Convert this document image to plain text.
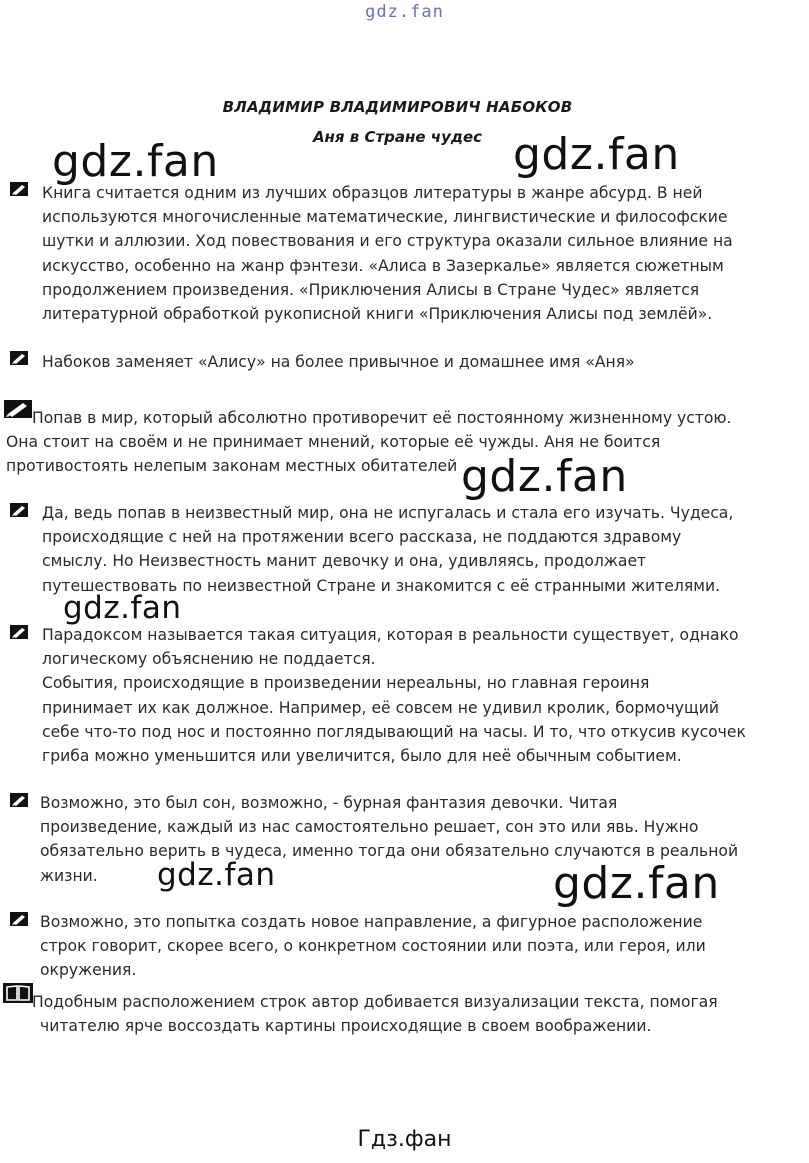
gdz.fan
ВЛАДИМИР ВЛАДИМИРОВИЧ НАБОКОВ
Аня в Стране чудес
Книга считается одним из лучших образцов литературы в жанре абсурд. В ней
используются многочисленные математические, лингвистические и философские
шутки и аллюзии. Ход повествования и его структура оказали сильное влияние на
искусство, особенно на жанр фэнтези. «Алиса в Зазеркалье» является сюжетным
продолжением произведения. «Приключения Алисы в Стране Чудес» является
литературной обработкой рукописной книги «Приключения Алисы под землёй».
Набоков заменяет «Алису» на более привычное и домашнее имя «Аня»
Попав в мир, который абсолютно противоречит её постоянному жизненному устою.
Она стоит на своём и не принимает мнений, которые её чужды. Аня не боится
противостоять нелепым законам местных обитателей
Да, ведь попав в неизвестный мир, она не испугалась и стала его изучать. Чудеса,
происходящие с ней на протяжении всего рассказа, не поддаются здравому
смыслу. Но Неизвестность манит девочку и она, удивляясь, продолжает
путешествовать по неизвестной Стране и знакомится с её странными жителями.
Парадоксом называется такая ситуация, которая в реальности существует, однако
логическому объяснению не поддается.
События, происходящие в произведении нереальны, но главная героиня
принимает их как должное. Например, её совсем не удивил кролик, бормочущий
себе что-то под нос и постоянно поглядывающий на часы. И то, что откусив кусочек
гриба можно уменьшится или увеличится, было для неё обычным событием.
Возможно, это был сон, возможно, - бурная фантазия девочки. Читая
произведение, каждый из нас самостоятельно решает, сон это или явь. Нужно
обязательно верить в чудеса, именно тогда они обязательно случаются в реальной
жизни.
Возможно, это попытка создать новое направление, а фигурное расположение
строк говорит, скорее всего, о конкретном состоянии или поэта, или героя, или
окружения.
Подобным расположением строк автор добивается визуализации текста, помогая
читателю ярче воссоздать картины происходящие в своем воображении.
gdz.fan	gdz.fan
gdz.fan
gdz.fan
gdz.fan	gdz.fan
Гдз.фан
